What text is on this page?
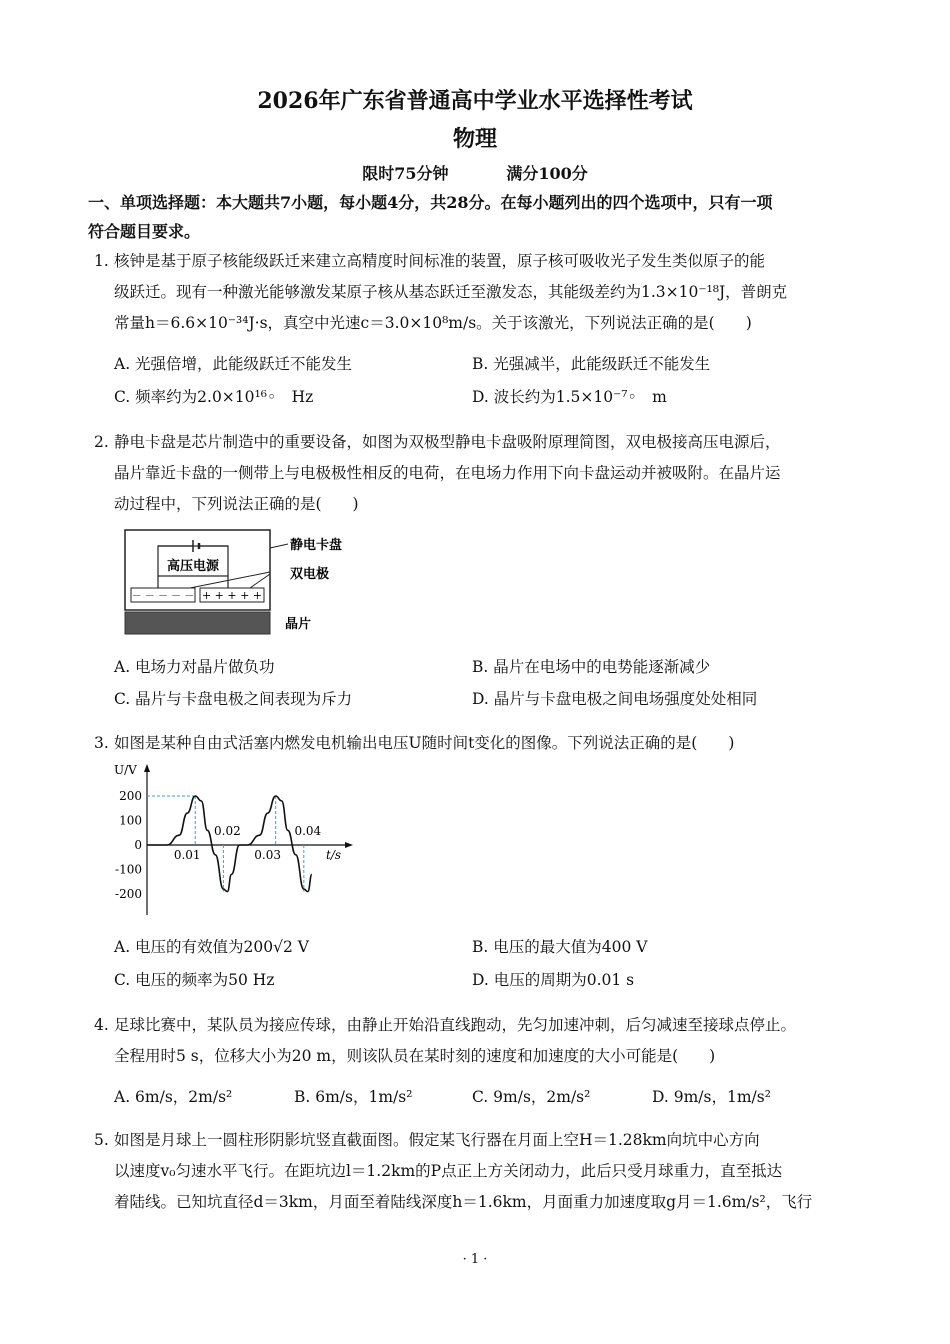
2026年广东省普通高中学业水平选择性考试
物理
限时75分钟	满分100分
一、单项选择题：本大题共7小题，每小题4分，共28分。在每小题列出的四个选项中，只有一项
符合题目要求。
1. 核钟是基于原子核能级跃迁来建立高精度时间标准的装置，原子核可吸收光子发生类似原子的能
级跃迁。现有一种激光能够激发某原子核从基态跃迁至激发态，其能级差约为1.3×10⁻¹⁸J，普朗克
常量h＝6.6×10⁻³⁴J·s，真空中光速c＝3.0×10⁸m/s。关于该激光，下列说法正确的是(　　)
A. 光强倍增，此能级跃迁不能发生	B. 光强减半，此能级跃迁不能发生
C. 频率约为2.0×10¹⁶◦　Hz	D. 波长约为1.5×10⁻⁷◦　m
2. 静电卡盘是芯片制造中的重要设备，如图为双极型静电卡盘吸附原理简图，双电极接高压电源后，
晶片靠近卡盘的一侧带上与电极极性相反的电荷，在电场力作用下向卡盘运动并被吸附。在晶片运
动过程中，下列说法正确的是(　　)
高压电源
－ － － － － + + + + +
静电卡盘
双电极
晶片
A. 电场力对晶片做负功	B. 晶片在电场中的电势能逐渐减少
C. 晶片与卡盘电极之间表现为斥力	D. 晶片与卡盘电极之间电场强度处处相同
3. 如图是某种自由式活塞内燃发电机输出电压U随时间t变化的图像。下列说法正确的是(　　)
U/V
t/s
200
100
0
-100
-200
0.01
0.02
0.03
0.04
A. 电压的有效值为200√2 V	B. 电压的最大值为400 V
C. 电压的频率为50 Hz	D. 电压的周期为0.01 s
4. 足球比赛中，某队员为接应传球，由静止开始沿直线跑动，先匀加速冲刺，后匀减速至接球点停止。
全程用时5 s，位移大小为20 m，则该队员在某时刻的速度和加速度的大小可能是(　　)
A. 6m/s，2m/s²	B. 6m/s，1m/s²	C. 9m/s，2m/s²	D. 9m/s，1m/s²
5. 如图是月球上一圆柱形阴影坑竖直截面图。假定某飞行器在月面上空H＝1.28km向坑中心方向
以速度v₀匀速水平飞行。在距坑边l＝1.2km的P点正上方关闭动力，此后只受月球重力，直至抵达
着陆线。已知坑直径d＝3km，月面至着陆线深度h＝1.6km，月面重力加速度取g月＝1.6m/s²，飞行
· 1 ·
